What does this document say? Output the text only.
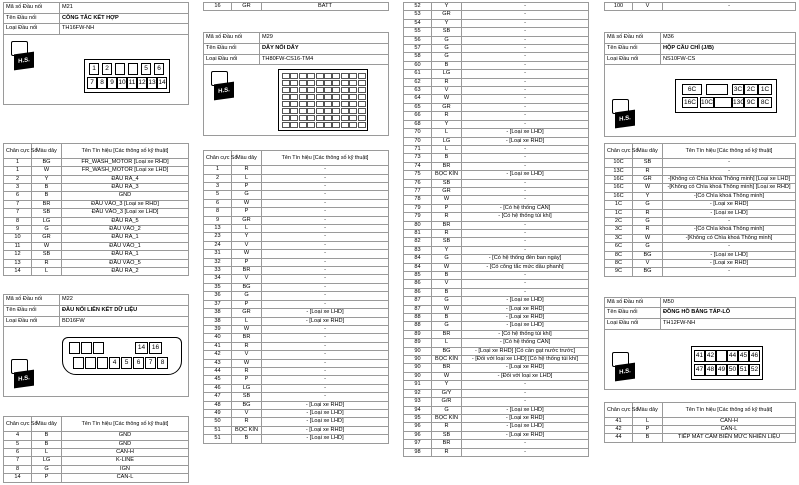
Mã số Đầu nối	M21
Tên Đầu nối	CÔNG TẮC KẾT HỢP
Loại Đầu nối	TH16FW-NH
H.S.
1	2	5	6
7 8 9 10 11 12 13 14
Chân cực Số	Màu dây	Tên Tín hiệu [Các thông số kỹ thuật]
1	BG	FR_WASH_MOTOR [Loại xe RHD]
1	W	FR_WASH_MOTOR [Loại xe LHD]
2	Y	ĐẦU RA_4
3	B	ĐẦU RA_3
6	B	GND
7	BR	ĐẦU VÀO_3 [Loại xe RHD]
7	SB	ĐẦU VÀO_3 [Loại xe LHD]
8	LG	ĐẦU RA_5
9	G	ĐẦU VÀO_2
10	GR	ĐẦU RA_1
11	W	ĐẦU VÀO_1
12	SB	ĐẦU RA_1
13	R	ĐẦU VÀO_5
14	L	ĐẦU RA_2
Mã số Đầu nối	M22
Tên Đầu nối	ĐẦU NỐI LIÊN KẾT DỮ LIỆU
Loại Đầu nối	BD16FW
H.S.
14	16
4	5	6	7	8
Chân cực Số	Màu dây	Tên Tín hiệu [Các thông số kỹ thuật]
4	B	GND
5	B	GND
6	L	CAN-H
7	LG	K-LINE
8	G	IGN
14	P	CAN-L
16	GR	BATT
Mã số Đầu nối	M29
Tên Đầu nối	DÂY NỐI DÂY
Loại Đầu nối	TH80FW-CS16-TM4
H.S.
Chân cực Số	Màu dây	Tên Tín hiệu [Các thông số kỹ thuật]
1	R	-
2	L	-
3	P	-
5	G	-
6	W	-
8	P	-
9	GR	-
13	L	-
23	Y	-
24	V	-
31	W	-
32	P	-
33	BR	-
34	V	-
35	BG	-
36	G	-
37	P	-
38	GR	- [Loại xe LHD]
38	L	- [Loại xe RHD]
39	W	-
40	BR	-
41	R	-
42	V	-
43	W	-
44	R	-
45	P	-
46	LG	-
47	SB	-
48	BG	- [Loại xe RHD]
49	V	- [Loại xe LHD]
50	R	- [Loại xe LHD]
51	BỌC KÍN	- [Loại xe RHD]
51	B	- [Loại xe LHD]
52	Y	-
53	GR	-
54	Y	-
55	SB	-
56	G	-
57	G	-
58	G	-
60	B	-
61	LG	-
62	R	-
63	V	-
64	W	-
65	GR	-
66	R	-
68	Y	-
70	L	- [Loại xe LHD]
70	LG	- [Loại xe RHD]
71	L	-
73	B	-
74	BR	-
75	BỌC KÍN	- [Loại xe LHD]
76	SB	-
77	GR	-
78	W	-
79	P	- [Có hệ thống CAN]
79	R	- [Có hệ thống túi khí]
80	BR	-
81	R	-
82	SB	-
83	Y	-
84	G	- [Có hệ thống đèn ban ngày]
84	W	- [Có công tắc mức dầu phanh]
85	B	-
86	V	-
86	B	-
87	G	- [Loại xe LHD]
87	W	- [Loại xe RHD]
88	B	- [Loại xe RHD]
88	G	- [Loại xe LHD]
89	BR	- [Có hệ thống túi khí]
89	L	- [Có hệ thống CAN]
90	BG	- [Loại xe RHD] [Có cần gạt nước trước]
90	BỌC KÍN	- [Đối với loại xe LHD] [Có hệ thống túi khí]
90	BR	- [Loại xe RHD]
90	W	- [Đối với loại xe LHD]
91	Y	-
92	G/Y	-
93	G/R	-
94	G	- [Loại xe LHD]
95	BỌC KÍN	- [Loại xe RHD]
96	R	- [Loại xe LHD]
96	SB	- [Loại xe RHD]
97	BR	-
98	R	-
100	V	-
Mã số Đầu nối	M36
Tên Đầu nối	HỘP CẦU CHÌ (J/B)
Loại Đầu nối	NS10FW-CS
H.S.
6C	3C 2C 1C
16C 10C	13C 9C 8C
Chân cực Số	Màu dây	Tên Tín hiệu [Các thông số kỹ thuật]
10C	SB	-
13C	R	-
16C	GR	-[Không có Chìa khoá Thông minh] [Loại xe LHD]
16C	W	-[Không có Chìa khoá Thông minh] [Loại xe RHD]
16C	Y	-[Có Chìa khoá Thông minh]
1C	G	- [Loại xe RHD]
1C	R	- [Loại xe LHD]
2C	G	-
3C	R	-[Có Chìa khoá Thông minh]
3C	W	-[Không có Chìa khoá Thông minh]
6C	G	-
8C	BG	- [Loại xe LHD]
8C	V	- [Loại xe RHD]
9C	BG	-
Mã số Đầu nối	M50
Tên Đầu nối	ĐỒNG HỒ BẢNG TÁP-LÔ
Loại Đầu nối	TH12FW-NH
H.S.
41 42 44 45 46
47 48 49 50 51 52
Chân cực Số	Màu dây	Tên Tín hiệu [Các thông số kỹ thuật]
41	L	CAN-H
42	P	CAN-L
44	B	TIẾP MÁT CẢM BIẾN MỨC NHIÊN LIỆU
